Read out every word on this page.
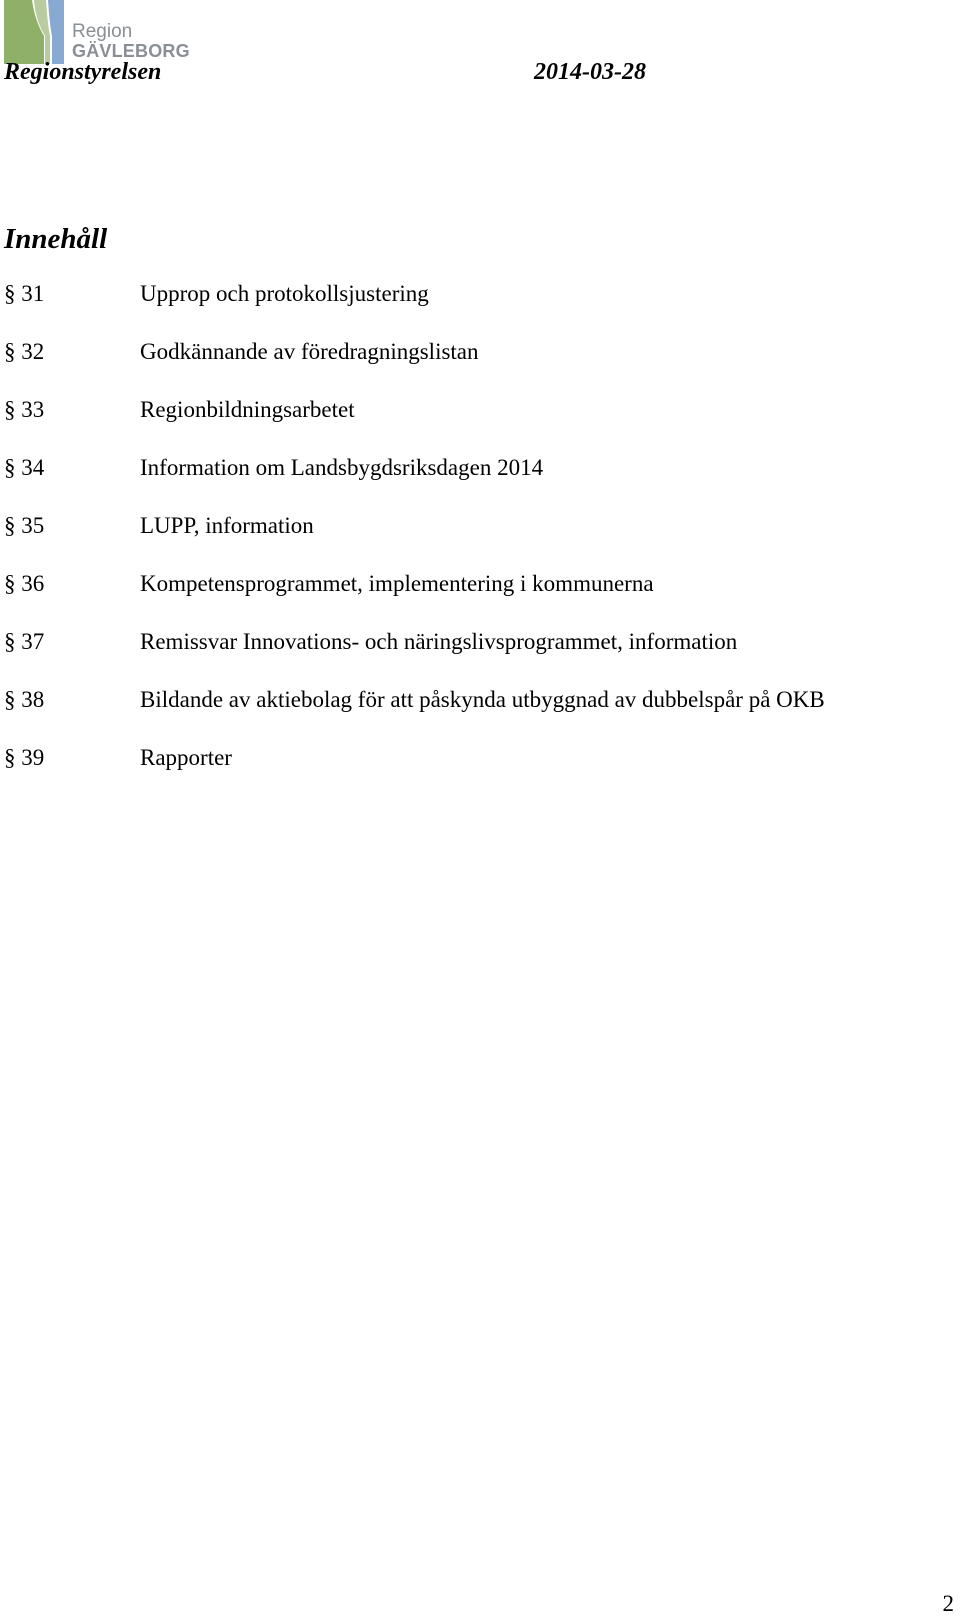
Region
GÄVLEBORG
Regionstyrelsen	2014-03-28
Innehåll
§ 31	Upprop och protokollsjustering
§ 32	Godkännande av föredragningslistan
§ 33	Regionbildningsarbetet
§ 34	Information om Landsbygdsriksdagen 2014
§ 35	LUPP, information
§ 36	Kompetensprogrammet, implementering i kommunerna
§ 37	Remissvar Innovations- och näringslivsprogrammet, information
§ 38	Bildande av aktiebolag för att påskynda utbyggnad av dubbelspår på OKB
§ 39	Rapporter
2
